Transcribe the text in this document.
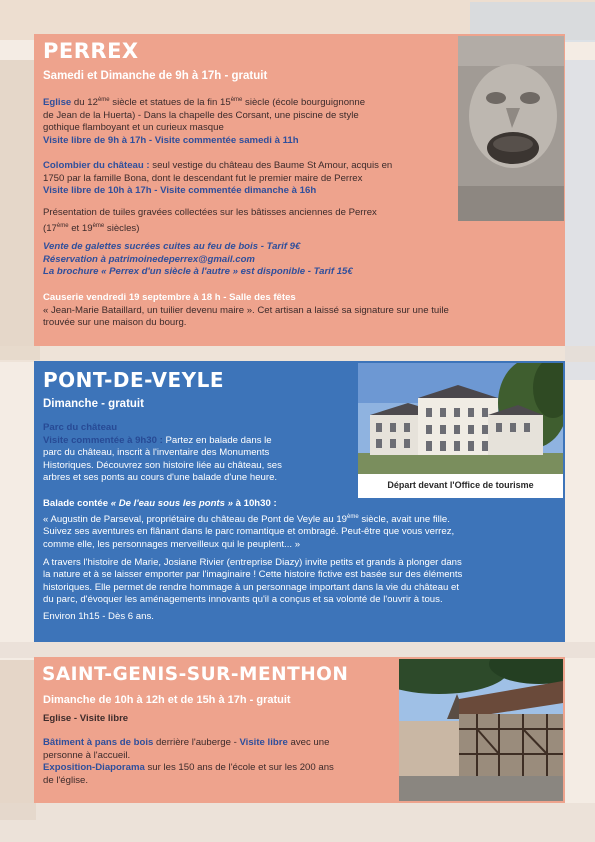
PERREX
Samedi et Dimanche de 9h à 17h - gratuit
Eglise du 12ème siècle et statues de la fin 15ème siècle (école bourguignonne
de Jean de la Huerta) - Dans la chapelle des Corsant, une piscine de style
gothique flamboyant et un curieux masque
Visite libre de 9h à 17h - Visite commentée samedi à 11h
Colombier du château : seul vestige du château des Baume St Amour, acquis en
1750 par la famille Bona, dont le descendant fut le premier maire de Perrex
Visite libre de 10h à 17h - Visite commentée dimanche à 16h
Présentation de tuiles gravées collectées sur les bâtisses anciennes de Perrex
(17ème et 19ème siècles)
Vente de galettes sucrées cuites au feu de bois - Tarif 9€
Réservation à patrimoinedeperrex@gmail.com
La brochure « Perrex d'un siècle à l'autre » est disponible - Tarif 15€
Causerie vendredi 19 septembre à 18 h - Salle des fêtes
« Jean-Marie Bataillard, un tuilier devenu maire ». Cet artisan a laissé sa signature sur une tuile
trouvée sur une maison du bourg.
PONT-DE-VEYLE
Dimanche - gratuit
Parc du château
Visite commentée à 9h30 : Partez en balade dans le
parc du château, inscrit à l'inventaire des Monuments
Historiques. Découvrez son histoire liée au château, ses
arbres et ses ponts au cours d'une balade d'une heure.
Départ devant l'Office de tourisme
Balade contée « De l'eau sous les ponts » à 10h30 :
« Augustin de Parseval, propriétaire du château de Pont de Veyle au 19ème siècle, avait une fille.
Suivez ses aventures en flânant dans le parc romantique et ombragé. Peut-être que vous verrez,
comme elle, les personnages merveilleux qui le peuplent... »
A travers l'histoire de Marie, Josiane Rivier (entreprise Diazy) invite petits et grands à plonger dans
la nature et à se laisser emporter par l'imaginaire ! Cette histoire fictive est basée sur des éléments
historiques. Elle permet de rendre hommage à un personnage important dans la vie du château et
du parc, d'évoquer les aménagements innovants qu'il a conçus et sa volonté de l'ouvrir à tous.
Environ 1h15 - Dès 6 ans.
SAINT-GENIS-SUR-MENTHON
Dimanche de 10h à 12h et de 15h à 17h - gratuit
Eglise - Visite libre
Bâtiment à pans de bois derrière l'auberge - Visite libre avec une
personne à l'accueil.
Exposition-Diaporama sur les 150 ans de l'école et sur les 200 ans
de l'église.
